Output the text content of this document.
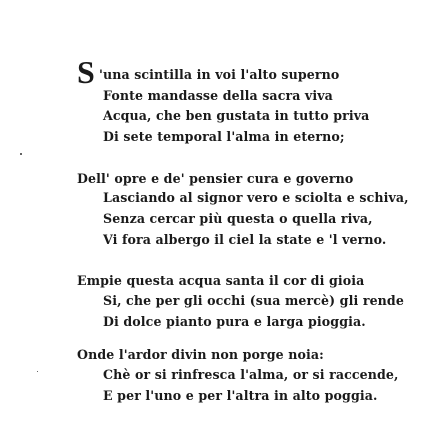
S 'una scintilla in voi l'alto superno
Fonte mandasse della sacra viva
Acqua, che ben gustata in tutto priva
Di sete temporal l'alma in eterno;
Dell' opre e de' pensier cura e governo
Lasciando al signor vero e sciolta e schiva,
Senza cercar più questa o quella riva,
Vi fora albergo il ciel la state e 'l verno.
Empie questa acqua santa il cor di gioia
Si, che per gli occhi (sua mercè) gli rende
Di dolce pianto pura e larga pioggia.
Onde l'ardor divin non porge noia:
Chè or si rinfresca l'alma, or si raccende,
E per l'uno e per l'altra in alto poggia.
